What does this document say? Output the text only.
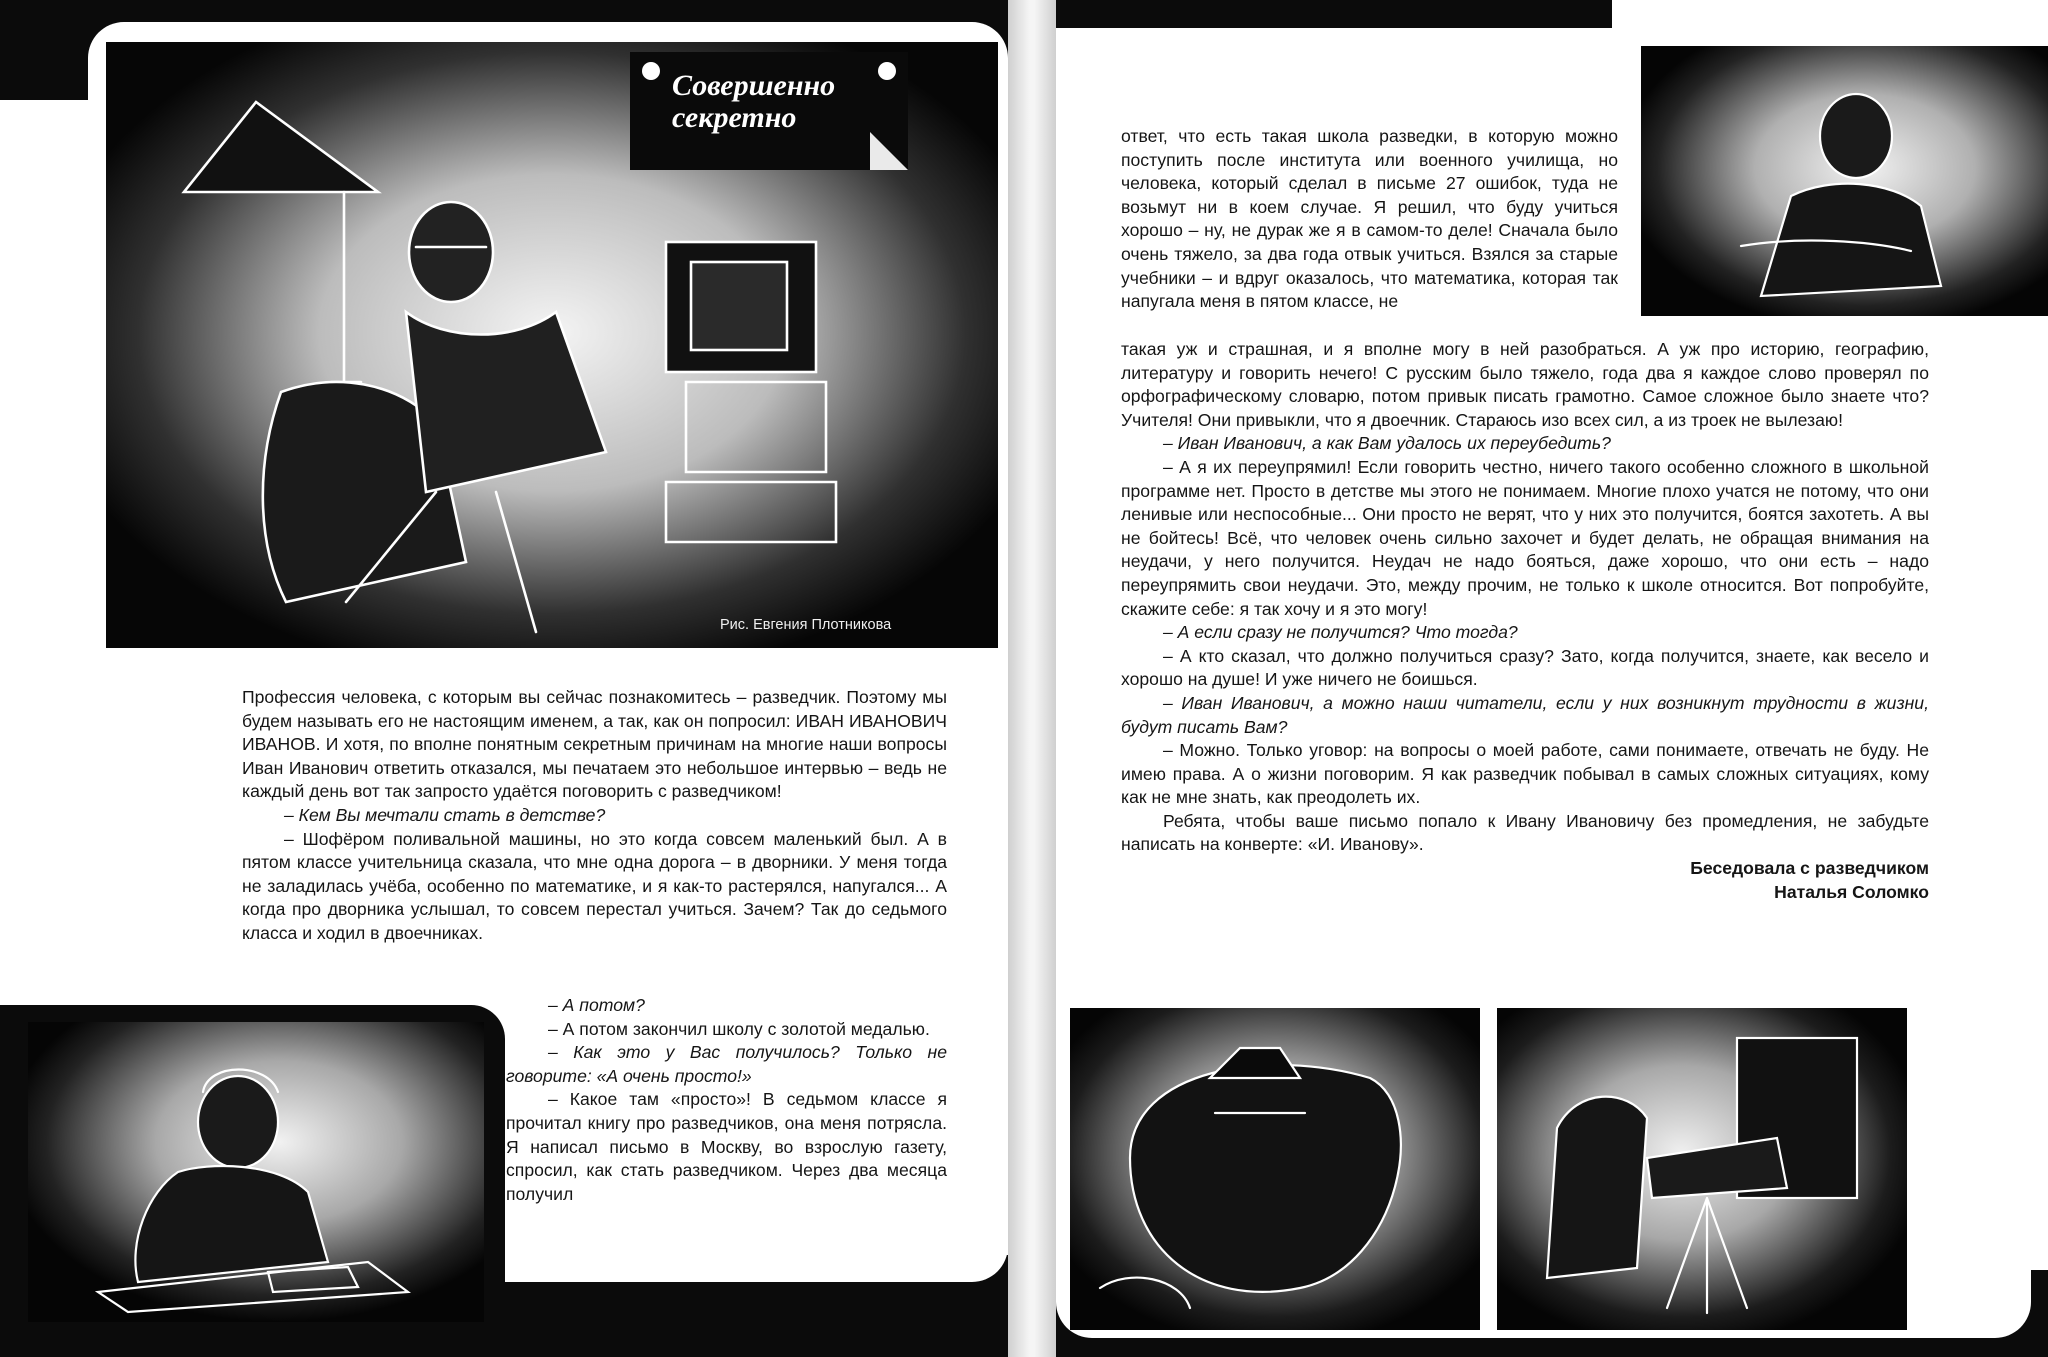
Совершенно
секретно
Рис. Евгения Плотникова

Профессия человека, с которым вы сейчас познакомитесь – разведчик. Поэтому мы будем называть его не настоящим именем, а так, как он попросил: ИВАН ИВАНОВИЧ ИВАНОВ. И хотя, по вполне понятным секретным причинам на многие наши вопросы Иван Иванович ответить отказался, мы печатаем это небольшое интервью – ведь не каждый день вот так запросто удаётся поговорить с разведчиком!

– Кем Вы мечтали стать в детстве?

– Шофёром поливальной машины, но это когда совсем маленький был. А в пятом классе учительница сказала, что мне одна дорога – в дворники. У меня тогда не заладилась учёба, особенно по математике, и я как-то растерялся, напугался... А когда про дворника услышал, то совсем перестал учиться. Зачем? Так до седьмого класса и ходил в двоечниках.

– А потом?

– А потом закончил школу с золотой медалью.

– Как это у Вас получилось? Только не говорите: «А очень просто!»

– Какое там «просто»! В седьмом классе я прочитал книгу про разведчиков, она меня потрясла. Я написал письмо в Москву, во взрослую газету, спросил, как стать разведчиком. Через два месяца получил

ответ, что есть такая школа разведки, в которую можно поступить после института или военного училища, но человека, который сделал в письме 27 ошибок, туда не возьмут ни в коем случае. Я решил, что буду учиться хорошо – ну, не дурак же я в самом-то деле! Сначала было очень тяжело, за два года отвык учиться. Взялся за старые учебники – и вдруг оказалось, что математика, которая так напугала меня в пятом классе, не

такая уж и страшная, и я вполне могу в ней разобраться. А уж про историю, географию, литературу и говорить нечего! С русским было тяжело, года два я каждое слово проверял по орфографическому словарю, потом привык писать грамотно. Самое сложное было знаете что? Учителя! Они привыкли, что я двоечник. Стараюсь изо всех сил, а из троек не вылезаю!

– Иван Иванович, а как Вам удалось их переубедить?

– А я их переупрямил! Если говорить честно, ничего такого особенно сложного в школьной программе нет. Просто в детстве мы этого не понимаем. Многие плохо учатся не потому, что они ленивые или неспособные... Они просто не верят, что у них это получится, боятся захотеть. А вы не бойтесь! Всё, что человек очень сильно захочет и будет делать, не обращая внимания на неудачи, у него получится. Неудач не надо бояться, даже хорошо, что они есть – надо переупрямить свои неудачи. Это, между прочим, не только к школе относится. Вот попробуйте, скажите себе: я так хочу и я это могу!

– А если сразу не получится? Что тогда?

– А кто сказал, что должно получиться сразу? Зато, когда получится, знаете, как весело и хорошо на душе! И уже ничего не боишься.

– Иван Иванович, а можно наши читатели, если у них возникнут трудности в жизни, будут писать Вам?

– Можно. Только уговор: на вопросы о моей работе, сами понимаете, отвечать не буду. Не имею права. А о жизни поговорим. Я как разведчик побывал в самых сложных ситуациях, кому как не мне знать, как преодолеть их.

Ребята, чтобы ваше письмо попало к Ивану Ивановичу без промедления, не забудьте написать на конверте: «И. Иванову».

Беседовала с разведчиком

Наталья Соломко
